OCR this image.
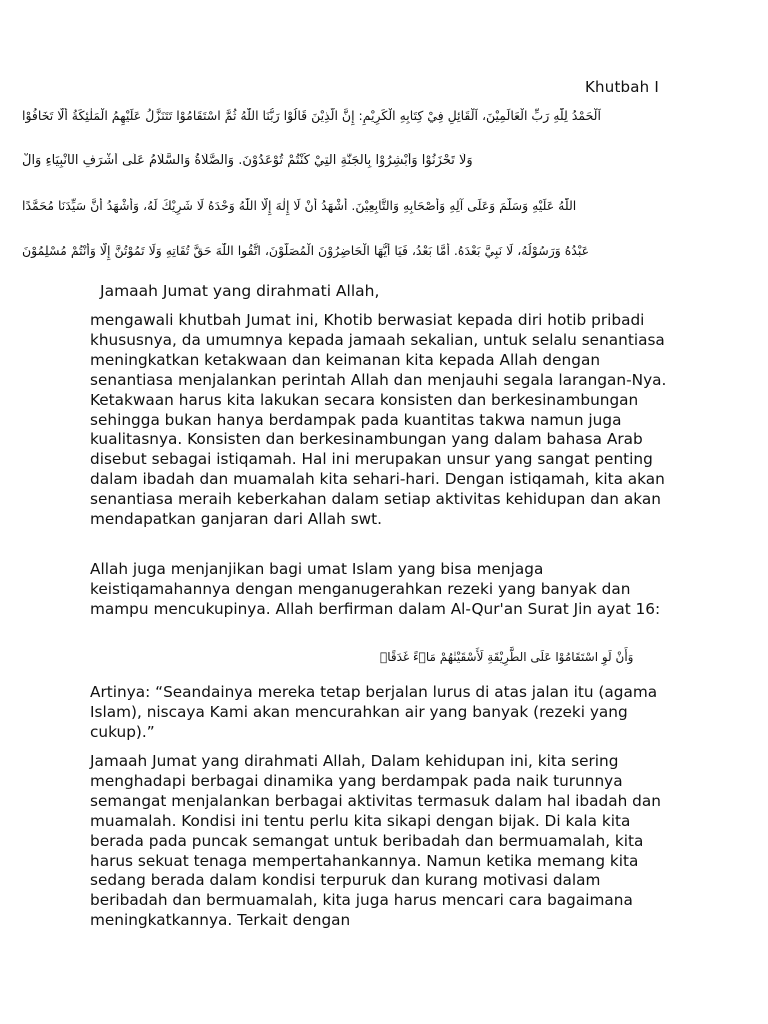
Khutbah I
اَلْحَمْدُ لِلّٰهِ رَبِّ الْعَالَمِيْنَ، اَلْقَائِلِ فِيْ كِتَابِهِ الْكَرِيْمِ: إِنَّ الَّذِيْنَ قَالُوْا رَبُّنَا اللّٰهُ ثُمَّ اسْتَقَامُوْا تَتَنَزَّلُ عَلَيْهِمُ الْمَلٰئِكَةُ أَلَّا تَخَافُوْا
وَلَا تَحْزَنُوْا وَأَبْشِرُوْا بِالْجَنَّةِ الَّتِيْ كُنْتُمْ تُوْعَدُوْنَ. وَالصَّلَاةُ وَالسَّلَامُ عَلَى أَشْرَفِ الْأَنْبِيَاءِ وَالْ
اللّٰهُ عَلَيْهِ وَسَلَّمَ وَعَلَى آلِهِ وَأَصْحَابِهِ وَالتَّابِعِيْنَ. أَشْهَدُ أَنْ لَا إِلٰهَ إِلَّا اللّٰهُ وَحْدَهُ لَا شَرِيْكَ لَهُ، وَأَشْهَدُ أَنَّ سَيِّدَنَا مُحَمَّدًا
عَبْدُهُ وَرَسُوْلُهُ، لَا نَبِيَّ بَعْدَهُ. أَمَّا بَعْدُ، فَيَا أَيُّهَا الْحَاضِرُوْنَ الْمُصَلُّوْنَ، اتَّقُوا اللّٰهَ حَقَّ تُقَاتِهِ وَلَا تَمُوْتُنَّ إِلَّا وَأَنْتُمْ مُسْلِمُوْنَ
Jamaah Jumat yang dirahmati Allah,

mengawali khutbah Jumat ini, Khotib berwasiat kepada diri hotib pribadi khususnya, da umumnya kepada jamaah sekalian, untuk selalu senantiasa meningkatkan ketakwaan dan keimanan kita kepada Allah dengan senantiasa menjalankan perintah Allah dan menjauhi segala larangan-Nya. Ketakwaan harus kita lakukan secara konsisten dan berkesinambungan sehingga bukan hanya berdampak pada kuantitas takwa namun juga kualitasnya. Konsisten dan berkesinambungan yang dalam bahasa Arab disebut sebagai istiqamah. Hal ini merupakan unsur yang sangat penting dalam ibadah dan muamalah kita sehari-hari. Dengan istiqamah, kita akan senantiasa meraih keberkahan dalam setiap aktivitas kehidupan dan akan mendapatkan ganjaran dari Allah swt.

Allah juga menjanjikan bagi umat Islam yang bisa menjaga keistiqamahannya dengan menganugerahkan rezeki yang banyak dan mampu mencukupinya. Allah berfirman dalam Al-Qur'an Surat Jin ayat 16:

وَأَنْ لَوِ اسْتَقَامُوْا عَلَى الطَّرِيْقَةِ لَأَسْقَيْنٰهُمْ مَاۤءً غَدَقًاۙ

Artinya: “Seandainya mereka tetap berjalan lurus di atas jalan itu (agama Islam), niscaya Kami akan mencurahkan air yang banyak (rezeki yang cukup).”

Jamaah Jumat yang dirahmati Allah, Dalam kehidupan ini, kita sering menghadapi berbagai dinamika yang berdampak pada naik turunnya semangat menjalankan berbagai aktivitas termasuk dalam hal ibadah dan muamalah. Kondisi ini tentu perlu kita sikapi dengan bijak. Di kala kita berada pada puncak semangat untuk beribadah dan bermuamalah, kita harus sekuat tenaga mempertahankannya. Namun ketika memang kita sedang berada dalam kondisi terpuruk dan kurang motivasi dalam beribadah dan bermuamalah, kita juga harus mencari cara bagaimana meningkatkannya. Terkait dengan
